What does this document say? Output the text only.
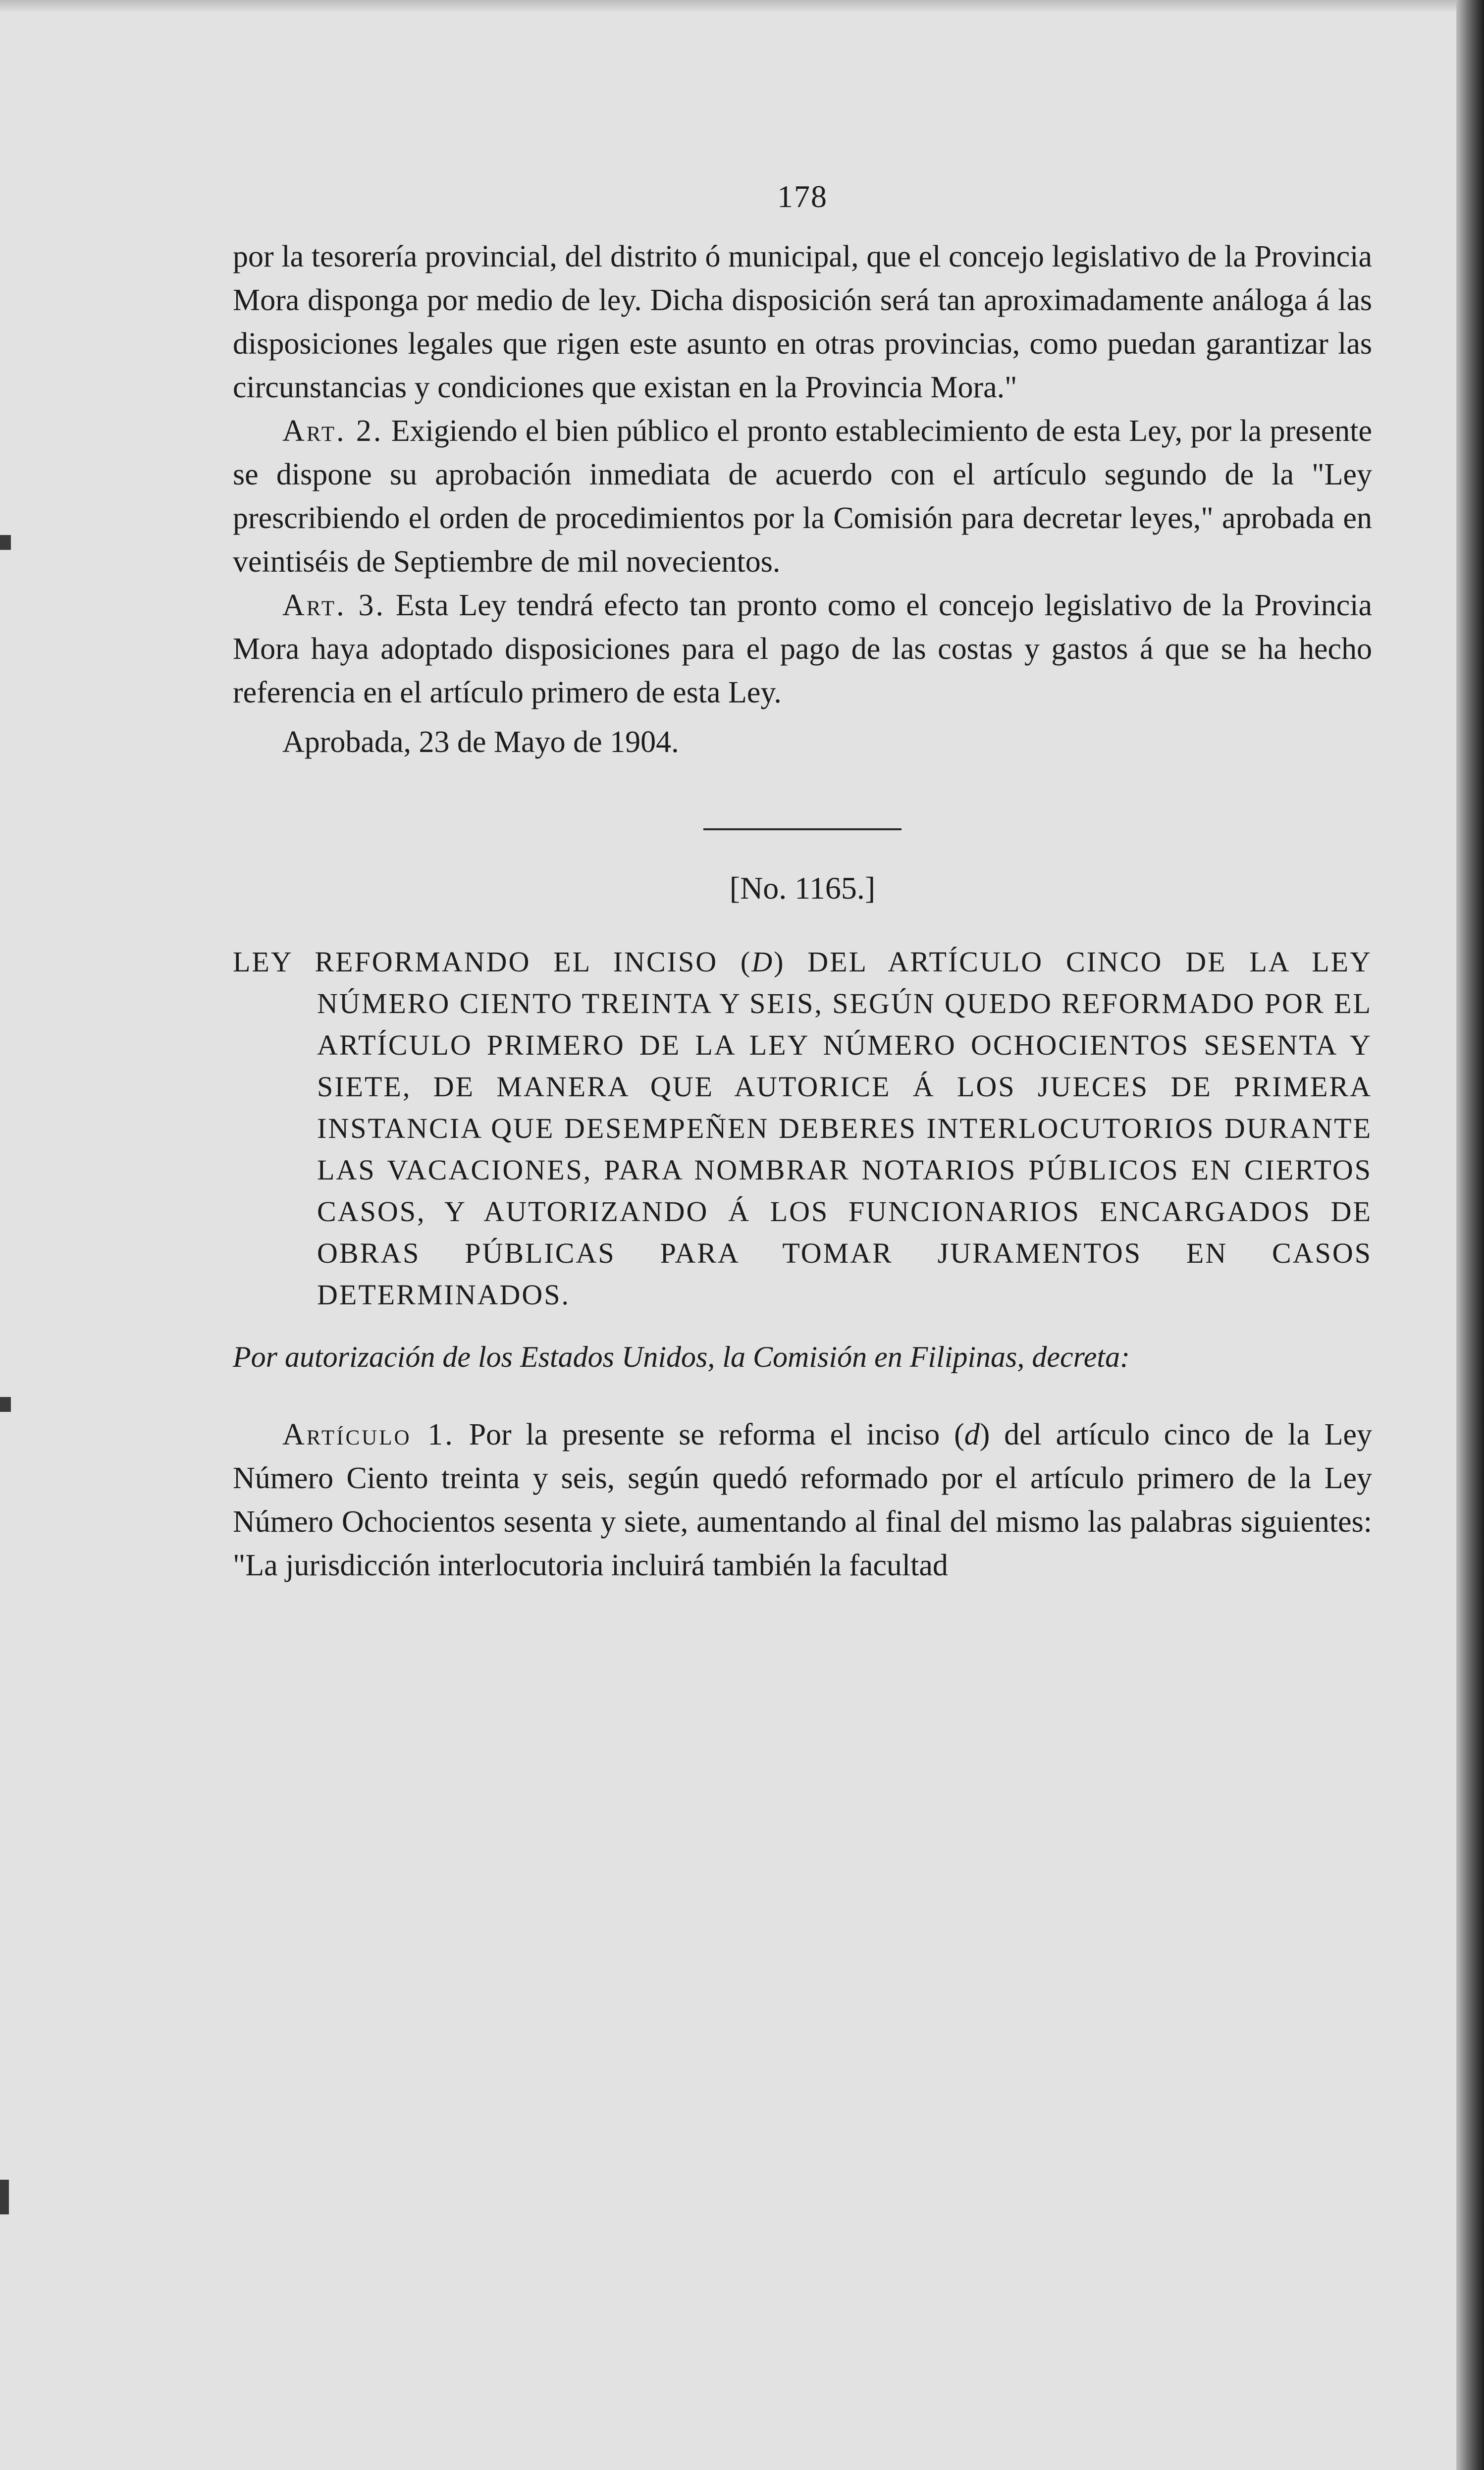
178

por la tesorería provincial, del distrito ó municipal, que el concejo legislativo de la Provincia Mora disponga por medio de ley. Dicha disposición será tan aproximadamente análoga á las disposiciones legales que rigen este asunto en otras provincias, como puedan garantizar las circunstancias y condiciones que existan en la Provincia Mora."

Art. 2. Exigiendo el bien público el pronto establecimiento de esta Ley, por la presente se dispone su aprobación inmediata de acuerdo con el artículo segundo de la "Ley prescribiendo el orden de procedimientos por la Comisión para decretar leyes," aprobada en veintiséis de Septiembre de mil novecientos.

Art. 3. Esta Ley tendrá efecto tan pronto como el concejo legislativo de la Provincia Mora haya adoptado disposiciones para el pago de las costas y gastos á que se ha hecho referencia en el artículo primero de esta Ley.

Aprobada, 23 de Mayo de 1904.

[No. 1165.]

LEY REFORMANDO EL INCISO (D) DEL ARTÍCULO CINCO DE LA LEY NÚMERO CIENTO TREINTA Y SEIS, SEGÚN QUEDO REFORMADO POR EL ARTÍCULO PRIMERO DE LA LEY NÚMERO OCHOCIENTOS SESENTA Y SIETE, DE MANERA QUE AUTORICE Á LOS JUECES DE PRIMERA INSTANCIA QUE DESEMPEÑEN DEBERES INTERLOCUTORIOS DURANTE LAS VACACIONES, PARA NOMBRAR NOTARIOS PÚBLICOS EN CIERTOS CASOS, Y AUTORIZANDO Á LOS FUNCIONARIOS ENCARGADOS DE OBRAS PÚBLICAS PARA TOMAR JURAMENTOS EN CASOS DETERMINADOS.

Por autorización de los Estados Unidos, la Comisión en Filipinas, decreta:

Artículo 1. Por la presente se reforma el inciso (d) del artículo cinco de la Ley Número Ciento treinta y seis, según quedó reformado por el artículo primero de la Ley Número Ochocientos sesenta y siete, aumentando al final del mismo las palabras siguientes: "La jurisdicción interlocutoria incluirá también la facultad
